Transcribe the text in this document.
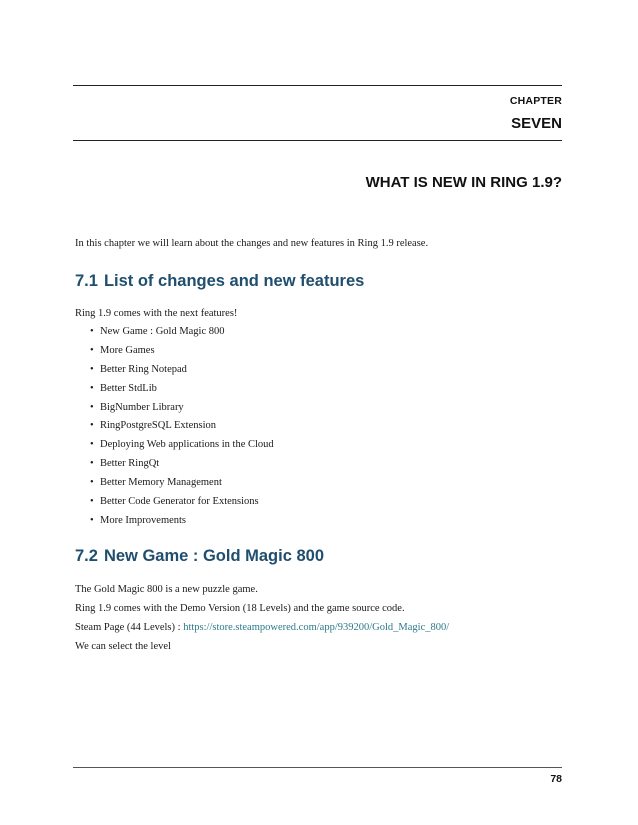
CHAPTER
SEVEN
WHAT IS NEW IN RING 1.9?
In this chapter we will learn about the changes and new features in Ring 1.9 release.
7.1 List of changes and new features
Ring 1.9 comes with the next features!
• New Game : Gold Magic 800
• More Games
• Better Ring Notepad
• Better StdLib
• BigNumber Library
• RingPostgreSQL Extension
• Deploying Web applications in the Cloud
• Better RingQt
• Better Memory Management
• Better Code Generator for Extensions
• More Improvements
7.2 New Game : Gold Magic 800
The Gold Magic 800 is a new puzzle game.
Ring 1.9 comes with the Demo Version (18 Levels) and the game source code.
Steam Page (44 Levels) : https://store.steampowered.com/app/939200/Gold_Magic_800/
We can select the level
78
